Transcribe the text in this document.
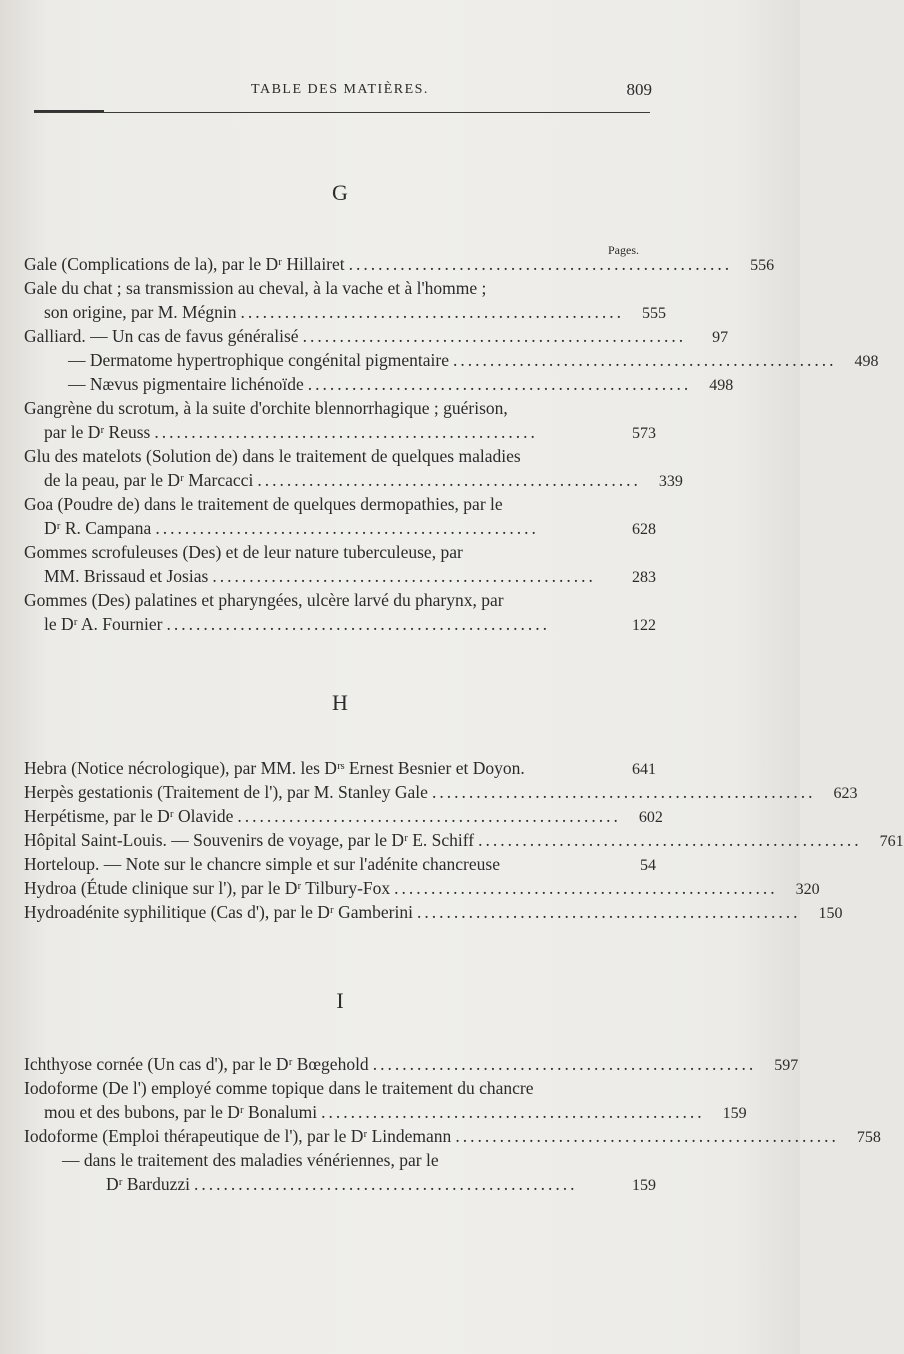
TABLE DES MATIÈRES.	809
G
Pages.
Gale (Complications de la), par le Dʳ Hillairet ....................................................	556
Gale du chat ; sa transmission au cheval, à la vache et à l'homme ;
son origine, par M. Mégnin ....................................................	555
Galliard. — Un cas de favus généralisé ....................................................	97
— Dermatome hypertrophique congénital pigmentaire ....................................................	498
— Nævus pigmentaire lichénoïde ....................................................	498
Gangrène du scrotum, à la suite d'orchite blennorrhagique ; guérison,
par le Dʳ Reuss ....................................................	573
Glu des matelots (Solution de) dans le traitement de quelques maladies
de la peau, par le Dʳ Marcacci ....................................................	339
Goa (Poudre de) dans le traitement de quelques dermopathies, par le
Dʳ R. Campana ....................................................	628
Gommes scrofuleuses (Des) et de leur nature tuberculeuse, par
MM. Brissaud et Josias ....................................................	283
Gommes (Des) palatines et pharyngées, ulcère larvé du pharynx, par
le Dʳ A. Fournier ....................................................	122
H
Hebra (Notice nécrologique), par MM. les Dʳˢ Ernest Besnier et Doyon.	641
Herpès gestationis (Traitement de l'), par M. Stanley Gale ....................................................	623
Herpétisme, par le Dʳ Olavide ....................................................	602
Hôpital Saint-Louis. — Souvenirs de voyage, par le Dʳ E. Schiff ....................................................	761
Horteloup. — Note sur le chancre simple et sur l'adénite chancreuse	54
Hydroa (Étude clinique sur l'), par le Dʳ Tilbury-Fox ....................................................	320
Hydroadénite syphilitique (Cas d'), par le Dʳ Gamberini ....................................................	150
I
Ichthyose cornée (Un cas d'), par le Dʳ Bœgehold ....................................................	597
Iodoforme (De l') employé comme topique dans le traitement du chancre
mou et des bubons, par le Dʳ Bonalumi ....................................................	159
Iodoforme (Emploi thérapeutique de l'), par le Dʳ Lindemann ....................................................	758
— dans le traitement des maladies vénériennes, par le
Dʳ Barduzzi ....................................................	159
